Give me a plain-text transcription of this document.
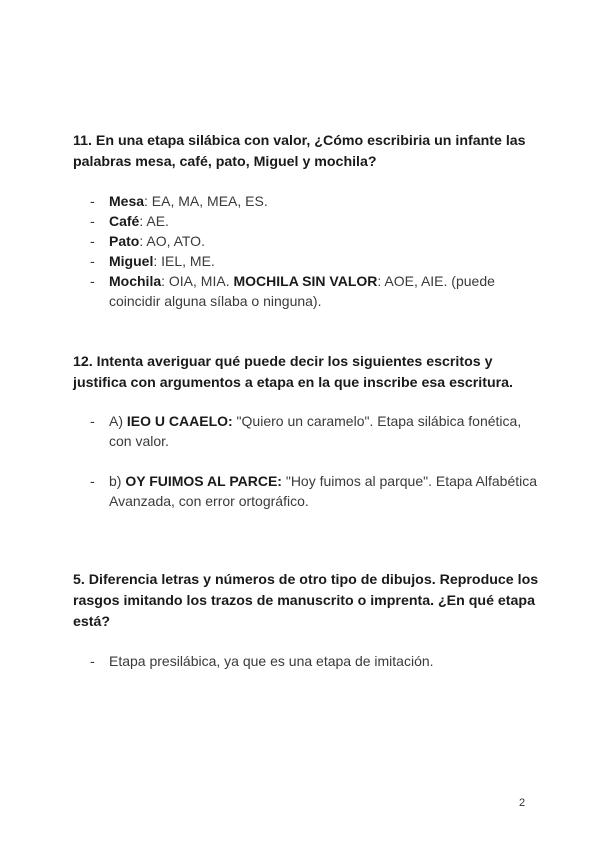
11. En una etapa silábica con valor, ¿Cómo escribiria un infante las palabras mesa, café, pato, Miguel y mochila?

- Mesa: EA, MA, MEA, ES.
- Café: AE.
- Pato: AO, ATO.
- Miguel: IEL, ME.
- Mochila: OIA, MIA. MOCHILA SIN VALOR: AOE, AIE. (puede coincidir alguna sílaba o ninguna).

12. Intenta averiguar qué puede decir los siguientes escritos y justifica con argumentos a etapa en la que inscribe esa escritura.

- A) IEO U CAAELO: "Quiero un caramelo". Etapa silábica fonética, con valor.
- b) OY FUIMOS AL PARCE: "Hoy fuimos al parque". Etapa Alfabética Avanzada, con error ortográfico.

5. Diferencia letras y números de otro tipo de dibujos. Reproduce los rasgos imitando los trazos de manuscrito o imprenta. ¿En qué etapa está?

- Etapa presilábica, ya que es una etapa de imitación.
2
